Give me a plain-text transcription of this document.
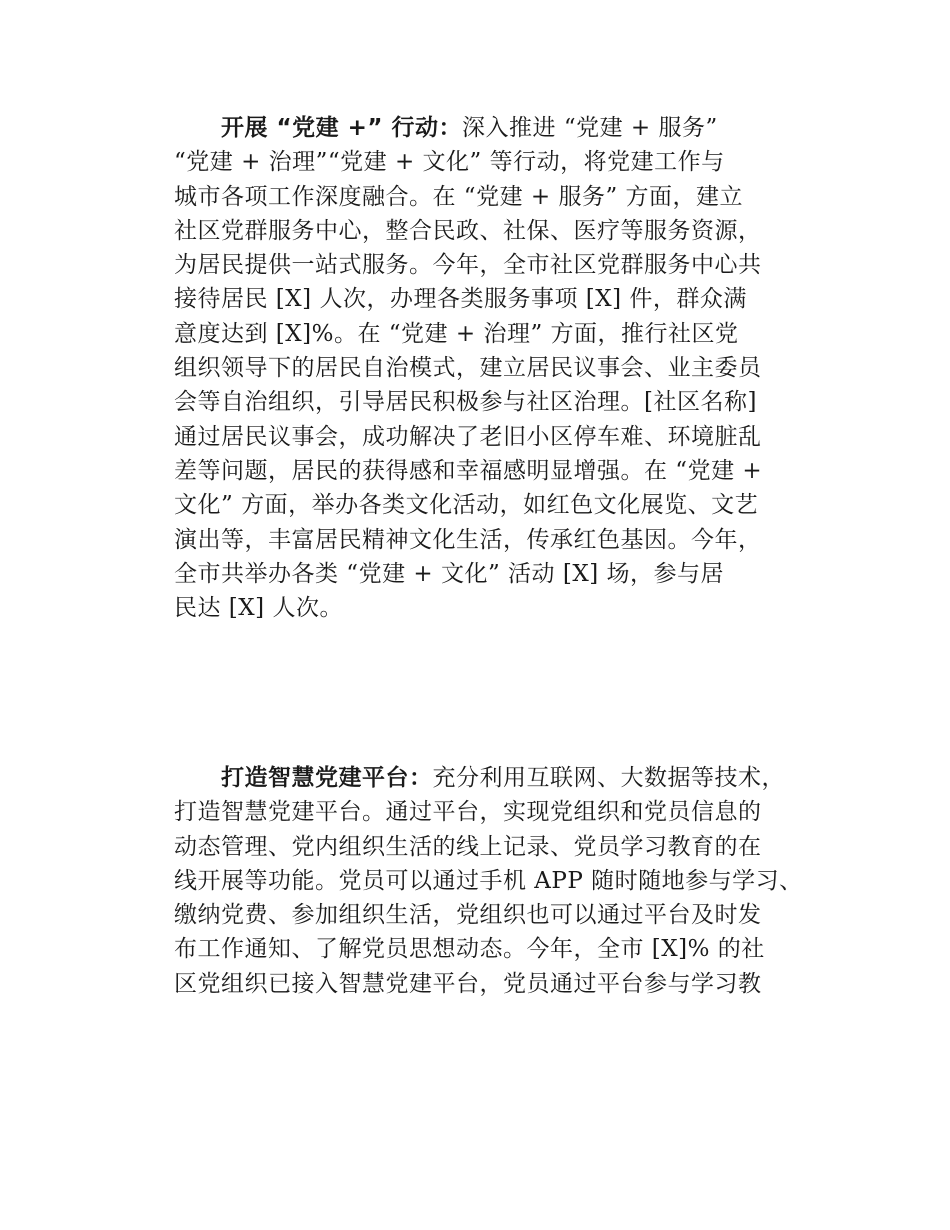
开展 “党建 +” 行动：深入推进 “党建 + 服务”
“党建 + 治理”“党建 + 文化” 等行动，将党建工作与
城市各项工作深度融合。在 “党建 + 服务” 方面，建立
社区党群服务中心，整合民政、社保、医疗等服务资源，
为居民提供一站式服务。今年，全市社区党群服务中心共
接待居民 [X] 人次，办理各类服务事项 [X] 件，群众满
意度达到 [X]%。在 “党建 + 治理” 方面，推行社区党
组织领导下的居民自治模式，建立居民议事会、业主委员
会等自治组织，引导居民积极参与社区治理。[社区名称]
通过居民议事会，成功解决了老旧小区停车难、环境脏乱
差等问题，居民的获得感和幸福感明显增强。在 “党建 +
文化” 方面，举办各类文化活动，如红色文化展览、文艺
演出等，丰富居民精神文化生活，传承红色基因。今年，
全市共举办各类 “党建 + 文化” 活动 [X] 场，参与居
民达 [X] 人次。
打造智慧党建平台：充分利用互联网、大数据等技术，
打造智慧党建平台。通过平台，实现党组织和党员信息的
动态管理、党内组织生活的线上记录、党员学习教育的在
线开展等功能。党员可以通过手机 APP 随时随地参与学习、
缴纳党费、参加组织生活，党组织也可以通过平台及时发
布工作通知、了解党员思想动态。今年，全市 [X]% 的社
区党组织已接入智慧党建平台，党员通过平台参与学习教
